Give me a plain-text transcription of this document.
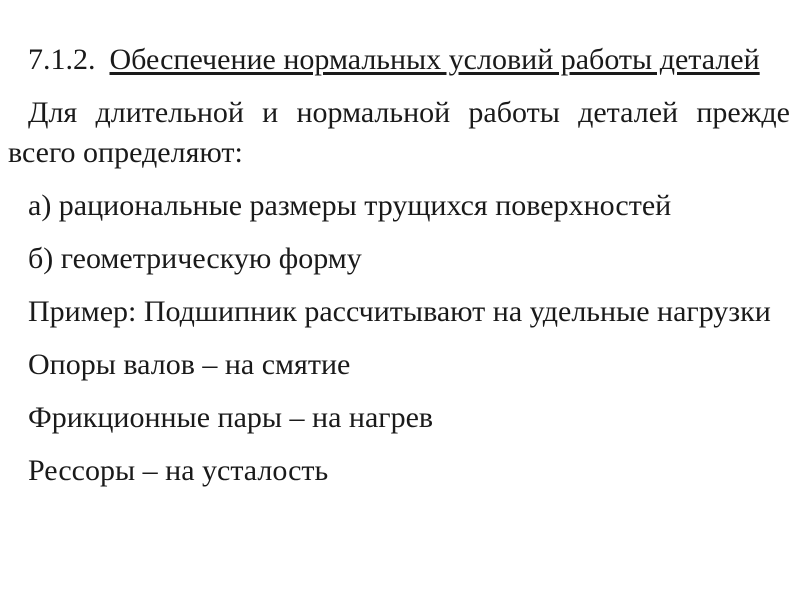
7.1.2. Обеспечение нормальных условий работы деталей

Для длительной и нормальной работы деталей прежде всего определяют:

а) рациональные размеры трущихся поверхностей

б) геометрическую форму

Пример: Подшипник рассчитывают на удельные нагрузки

Опоры валов – на смятие

Фрикционные пары – на нагрев

Рессоры – на усталость
